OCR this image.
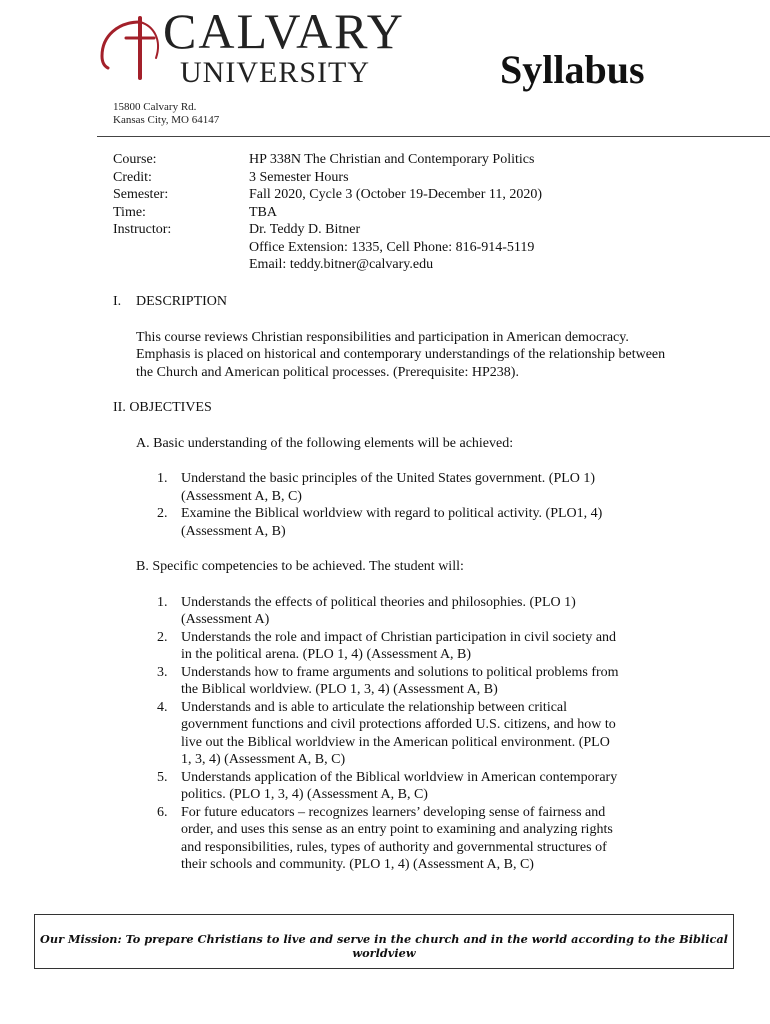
CALVARY
UNIVERSITY	Syllabus
15800 Calvary Rd.
Kansas City, MO 64147
Course:	HP 338N The Christian and Contemporary Politics
Credit:	3 Semester Hours
Semester:	Fall 2020, Cycle 3 (October 19-December 11, 2020)
Time:	TBA
Instructor:	Dr. Teddy D. Bitner
Office Extension: 1335, Cell Phone: 816-914-5119
Email: teddy.bitner@calvary.edu
I.	DESCRIPTION

This course reviews Christian responsibilities and participation in American democracy. Emphasis is placed on historical and contemporary understandings of the relationship between the Church and American political processes. (Prerequisite: HP238).

II. OBJECTIVES
A. Basic understanding of the following elements will be achieved:
1. Understand the basic principles of the United States government. (PLO 1)
(Assessment A, B, C)
2. Examine the Biblical worldview with regard to political activity. (PLO1, 4)
(Assessment A, B)
B. Specific competencies to be achieved. The student will:
1. Understands the effects of political theories and philosophies. (PLO 1)
(Assessment A)
2. Understands the role and impact of Christian participation in civil society and
in the political arena. (PLO 1, 4) (Assessment A, B)
3. Understands how to frame arguments and solutions to political problems from
the Biblical worldview. (PLO 1, 3, 4) (Assessment A, B)
4. Understands and is able to articulate the relationship between critical
government functions and civil protections afforded U.S. citizens, and how to
live out the Biblical worldview in the American political environment. (PLO
1, 3, 4) (Assessment A, B, C)
5. Understands application of the Biblical worldview in American contemporary
politics. (PLO 1, 3, 4) (Assessment A, B, C)
6. For future educators – recognizes learners’ developing sense of fairness and
order, and uses this sense as an entry point to examining and analyzing rights
and responsibilities, rules, types of authority and governmental structures of
their schools and community. (PLO 1, 4) (Assessment A, B, C)
Our Mission: To prepare Christians to live and serve in the church and in the world according to the Biblical worldview
